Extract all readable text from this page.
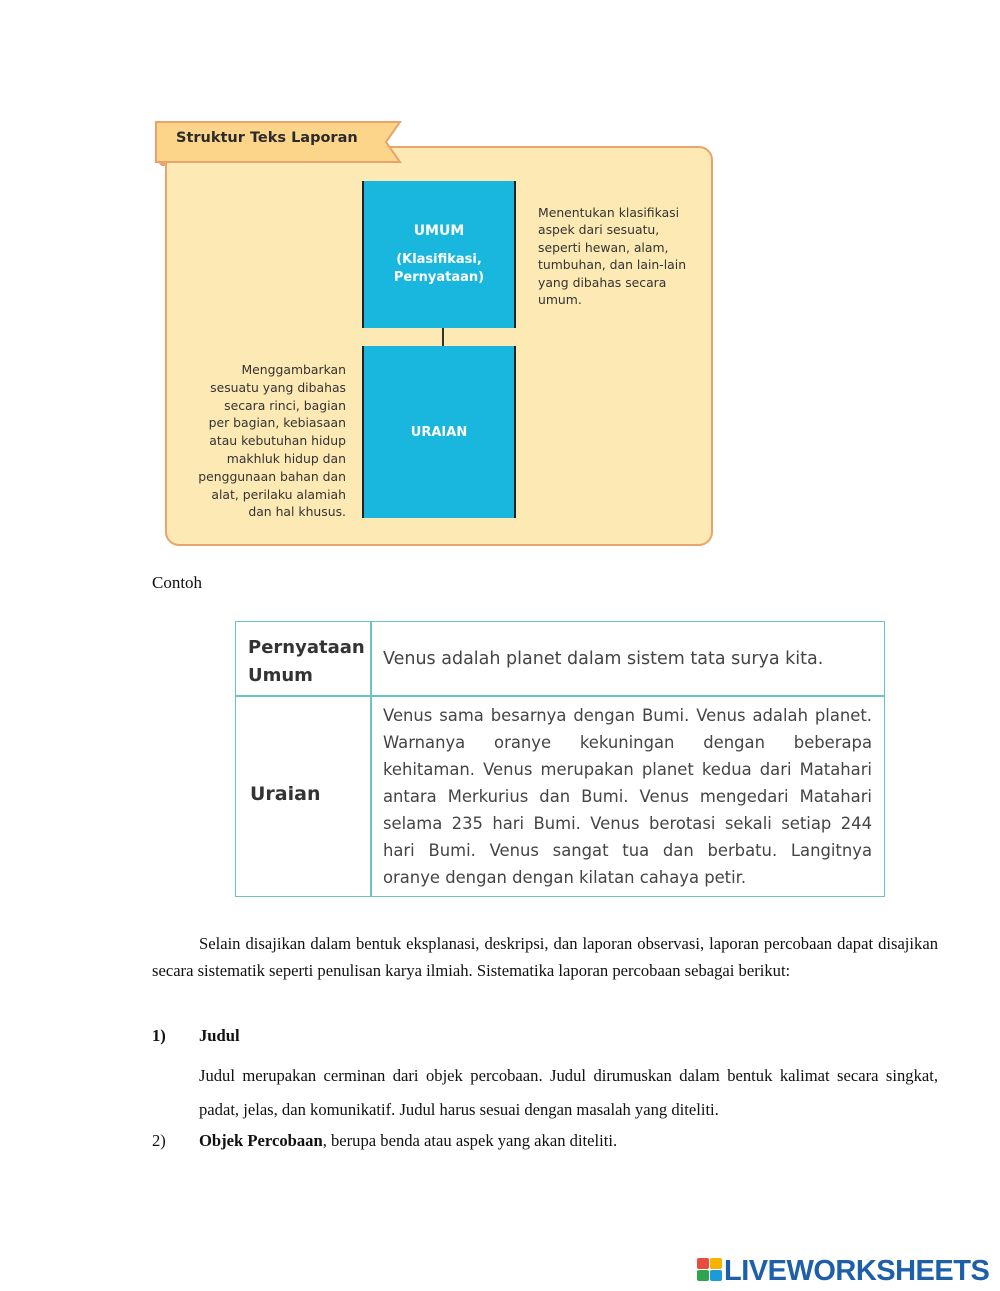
Struktur Teks Laporan
UMUM
(Klasifikasi,
Pernyataan)
URAIAN
Menentukan klasifikasi
aspek dari sesuatu,
seperti hewan, alam,
tumbuhan, dan lain-lain
yang dibahas secara
umum.
Menggambarkan
sesuatu yang dibahas
secara rinci, bagian
per bagian, kebiasaan
atau kebutuhan hidup
makhluk hidup dan
penggunaan bahan dan
alat, perilaku alamiah
dan hal khusus.
Contoh
Pernyataan
Umum
Venus adalah planet dalam sistem tata surya kita.
Uraian
Venus sama besarnya dengan Bumi. Venus adalah planet. Warnanya oranye kekuningan dengan beberapa kehitaman. Venus merupakan planet kedua dari Matahari antara Merkurius dan Bumi. Venus mengedari Matahari selama 235 hari Bumi. Venus berotasi sekali setiap 244 hari Bumi. Venus sangat tua dan berbatu. Langitnya oranye dengan dengan kilatan cahaya petir.
Selain disajikan dalam bentuk eksplanasi, deskripsi, dan laporan observasi, laporan percobaan dapat disajikan secara sistematik seperti penulisan karya ilmiah. Sistematika laporan percobaan sebagai berikut:
1) Judul
Judul merupakan cerminan dari objek percobaan. Judul dirumuskan dalam bentuk kalimat secara singkat, padat, jelas, dan komunikatif. Judul harus sesuai dengan masalah yang diteliti.
2) Objek Percobaan, berupa benda atau aspek yang akan diteliti.
LIVEWORKSHEETS
